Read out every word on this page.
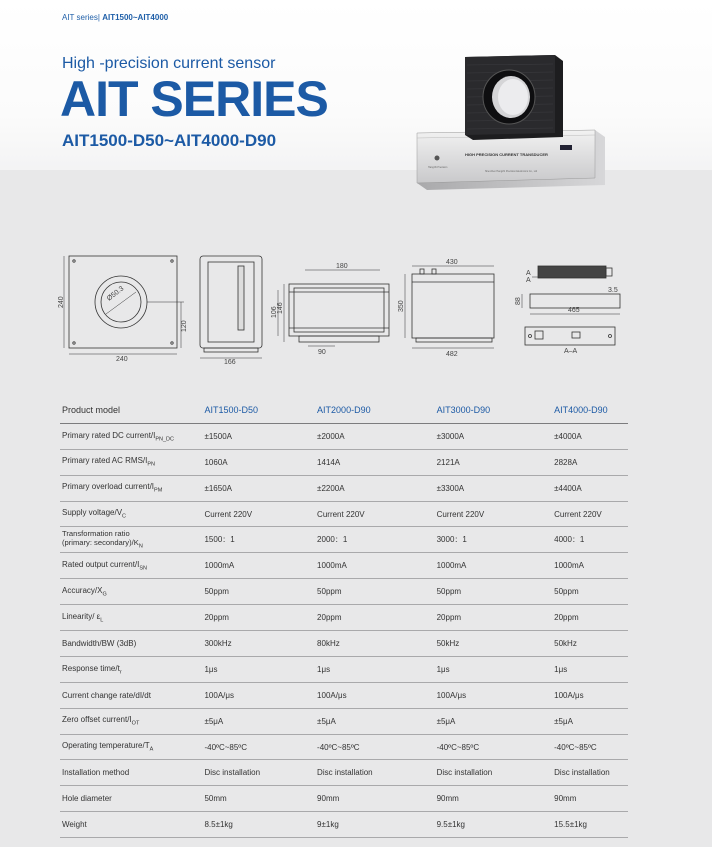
AIT series| AIT1500~AIT4000
High -precision current sensor
AIT SERIES
AIT1500-D50~AIT4000-D90
HIGH PRECISION CURRENT TRANSDUCER
Hangzhi Precision
Shenzhen Hangzhi Precision Electronics Co., Ltd
Ø50.3
240
240
120
166
180
146
106
90
430
350
482
A
A
88
465
3.5
A–A
Product model	AIT1500-D50	AIT2000-D90	AIT3000-D90	AIT4000-D90
Primary rated DC current/$I_{PN\_DC}$	±1500A	±2000A	±3000A	±4000A
Primary rated AC RMS/$I_{PN}$	1060A	1414A	2121A	2828A
Primary overload current/$I_{PM}$	±1650A	±2200A	±3300A	±4400A
Supply voltage/$V_C$	Current 220V	Current 220V	Current 220V	Current 220V
Transformation ratio
(primary: $secondary)/K_N$	1500：1	2000：1	3000：1	4000：1
Rated output current/$I_{SN}$	1000mA	1000mA	1000mA	1000mA
Accuracy/$X_G$	50ppm	50ppm	50ppm	50ppm
Linearity/ $\varepsilon_L$	20ppm	20ppm	20ppm	20ppm
Bandwidth/BW (3dB)	300kHz	80kHz	50kHz	50kHz
Response time/$t_r$	1μs	1μs	1μs	1μs
Current change rate/dI/dt	100A/μs	100A/μs	100A/μs	100A/μs
Zero offset current/$I_{OT}$	±5μA	±5μA	±5μA	±5μA
Operating temperature/$T_A$	-40ºC~85ºC	-40ºC~85ºC	-40ºC~85ºC	-40ºC~85ºC
Installation method	Disc installation	Disc installation	Disc installation	Disc installation
Hole diameter	50mm	90mm	90mm	90mm
Weight	8.5±1kg	9±1kg	9.5±1kg	15.5±1kg
